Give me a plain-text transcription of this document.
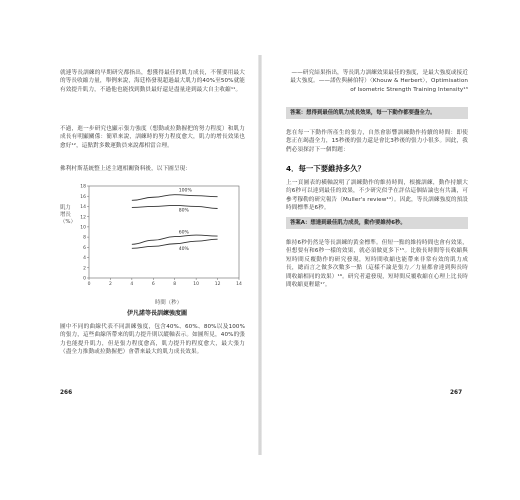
就連等長訓練的早期研究都指出，想獲得最佳的肌力成長，不僅要用最大的等長收縮力量，舉例來說，海廷格發現超過最大肌力的40%至50%就能有效提升肌力，不過他也能找到動員最好還是盡量達到最大自主收縮¹¹。

不過，進一步研究也顯示張力強度（想動或拉動握把的努力程度）和肌力成長有明顯關係：簡單來說，訓練時的努力程度愈大，肌力的增長效果也愈好¹²，這點對多數運動員來說都相當合理。

佛利村斯基統整上述主題相關資料後，以下圖呈現：

肌力增長（%）
0
2
4
6
8
10
12
14
16
18
0	2	4	6	8	10	12	14
100%
80%
60%
40%
時間（秒）
伊凡諾等長訓練強度圖

圖中不同的曲線代表不同訓練強度，包含40%、60%、80%以及100%的張力，這些曲線所帶來的肌力提升則以縱軸表示。如圖所見，40%的張力也能提升肌力，但是張力程度愈高，肌力提升的程度愈大，最大張力（盡全力推動或拉動握把）會帶來最大的肌力成長效果。

266

——研究結果指出，等長肌力訓練效果最佳的強度，是最大強度或接近最大強度。——諾佐與赫伯特）〈Khouw & Herbert〉，Optimisation of Isometric Strength Training Intensity¹³

答案：想得到最佳的肌力成長效果，每一下動作都要盡全力。

您在每一下動作所產生的張力，自然會影響訓練動作持續的時間：即使您正在竭盡全力，15秒後的張力還是會比3秒後的張力小很多。因此，我們必須探討下一個問題：

4．每一下要維持多久？

上一頁圖表的橫軸說明了訓練動作的維持時間，根據訓練，動作持續大約6秒可以達到最佳的效果，不少研究似乎在評估這個結論也有共識，可參考穆勒的研究報告（Muller's review¹⁴）。因此，等長訓練強度的預設時間標準是6秒。

答案A：想達到最佳肌力成長，動作要維持6秒。

維持6秒仍然是等長訓練的黃金標準。但短一點的維持時間也會有效果，但想要有和6秒一樣的效果，就必須做更多下¹⁵。比較長時間等長收縮與短時間反覆動作的研究發現，短時間收縮也能帶來非常有效的肌力成長，總而言之做多次數多一點（這樣不論是張力／力量都會達到與長時間收縮相同的效果）¹⁶。研究者還發現，短時間反覆收縮在心理上比長時間收縮更輕鬆¹⁷。

267
